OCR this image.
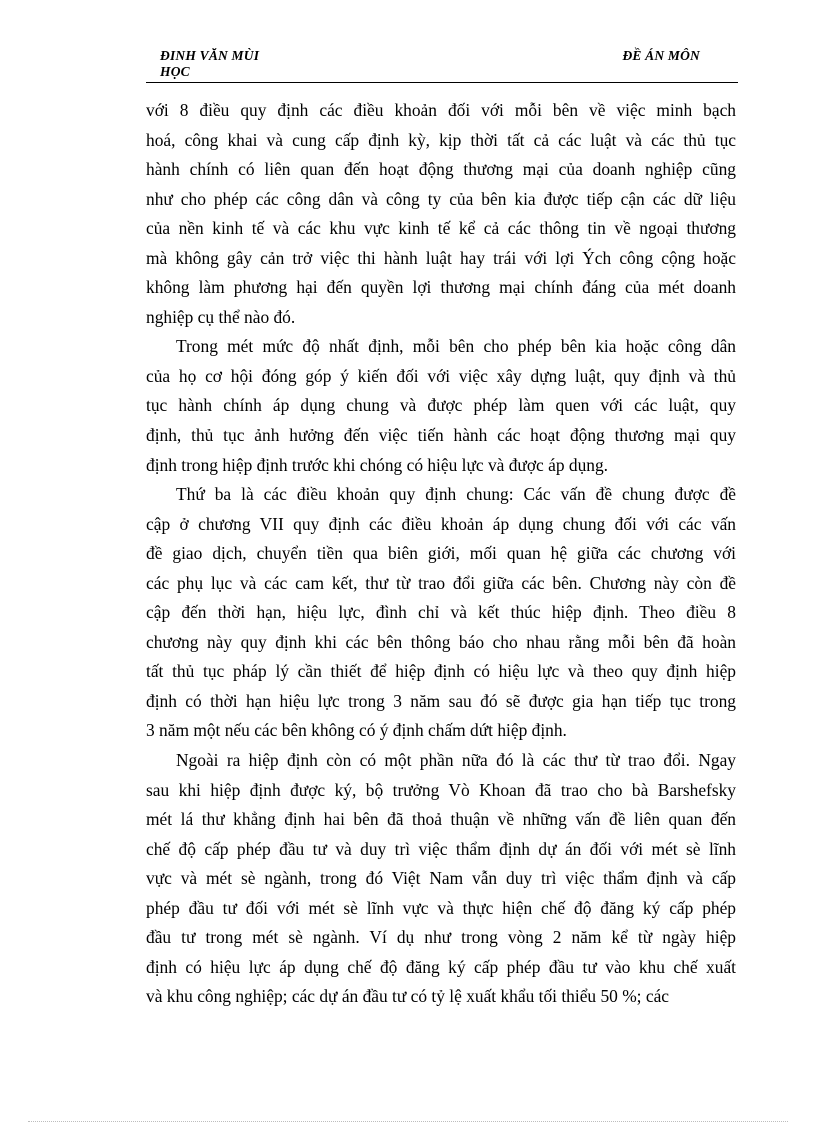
ĐINH VĂN MÙI HỌC
ĐỀ ÁN MÔN
với 8 điều quy định các điều khoản đối với mỗi bên về việc minh bạch
hoá, công khai và cung cấp định kỳ, kịp thời tất cả các luật và các thủ tục
hành chính có liên quan đến hoạt động thương mại của doanh nghiệp cũng
như cho phép các công dân và công ty của bên kia được tiếp cận các dữ liệu
của nền kinh tế và các khu vực kinh tế kể cả các thông tin về ngoại thương
mà không gây cản trở việc thi hành luật hay trái với lợi Ých công cộng hoặc
không làm phương hại đến quyền lợi thương mại chính đáng của mét doanh
nghiệp cụ thể nào đó.
Trong mét mức độ nhất định, mỗi bên cho phép bên kia hoặc công dân
của họ cơ hội đóng góp ý kiến đối với việc xây dựng luật, quy định và thủ
tục hành chính áp dụng chung và được phép làm quen với các luật, quy
định, thủ tục ảnh hưởng đến việc tiến hành các hoạt động thương mại quy
định trong hiệp định trước khi chóng có hiệu lực và được áp dụng.
Thứ ba là các điều khoản quy định chung: Các vấn đề chung được đề
cập ở chương VII quy định các điều khoản áp dụng chung đối với các vấn
đề giao dịch, chuyển tiền qua biên giới, mối quan hệ giữa các chương với
các phụ lục và các cam kết, thư từ trao đổi giữa các bên. Chương này còn đề
cập đến thời hạn, hiệu lực, đình chỉ và kết thúc hiệp định. Theo điều 8
chương này quy định khi các bên thông báo cho nhau rằng mỗi bên đã hoàn
tất thủ tục pháp lý cần thiết để hiệp định có hiệu lực và theo quy định hiệp
định có thời hạn hiệu lực trong 3 năm sau đó sẽ được gia hạn tiếp tục trong
3 năm một nếu các bên không có ý định chấm dứt hiệp định.
Ngoài ra hiệp định còn có một phần nữa đó là các thư từ trao đổi. Ngay
sau khi hiệp định được ký, bộ trưởng Vò Khoan đã trao cho bà Barshefsky
mét lá thư khẳng định hai bên đã thoả thuận về những vấn đề liên quan đến
chế độ cấp phép đầu tư và duy trì việc thẩm định dự án đối với mét sè lĩnh
vực và mét sè ngành, trong đó Việt Nam vẫn duy trì việc thẩm định và cấp
phép đầu tư đối với mét sè lĩnh vực và thực hiện chế độ đăng ký cấp phép
đầu tư trong mét sè ngành. Ví dụ như trong vòng 2 năm kể từ ngày hiệp
định có hiệu lực áp dụng chế độ đăng ký cấp phép đầu tư vào khu chế xuất
và khu công nghiệp; các dự án đầu tư có tỷ lệ xuất khẩu tối thiểu 50 %; các
